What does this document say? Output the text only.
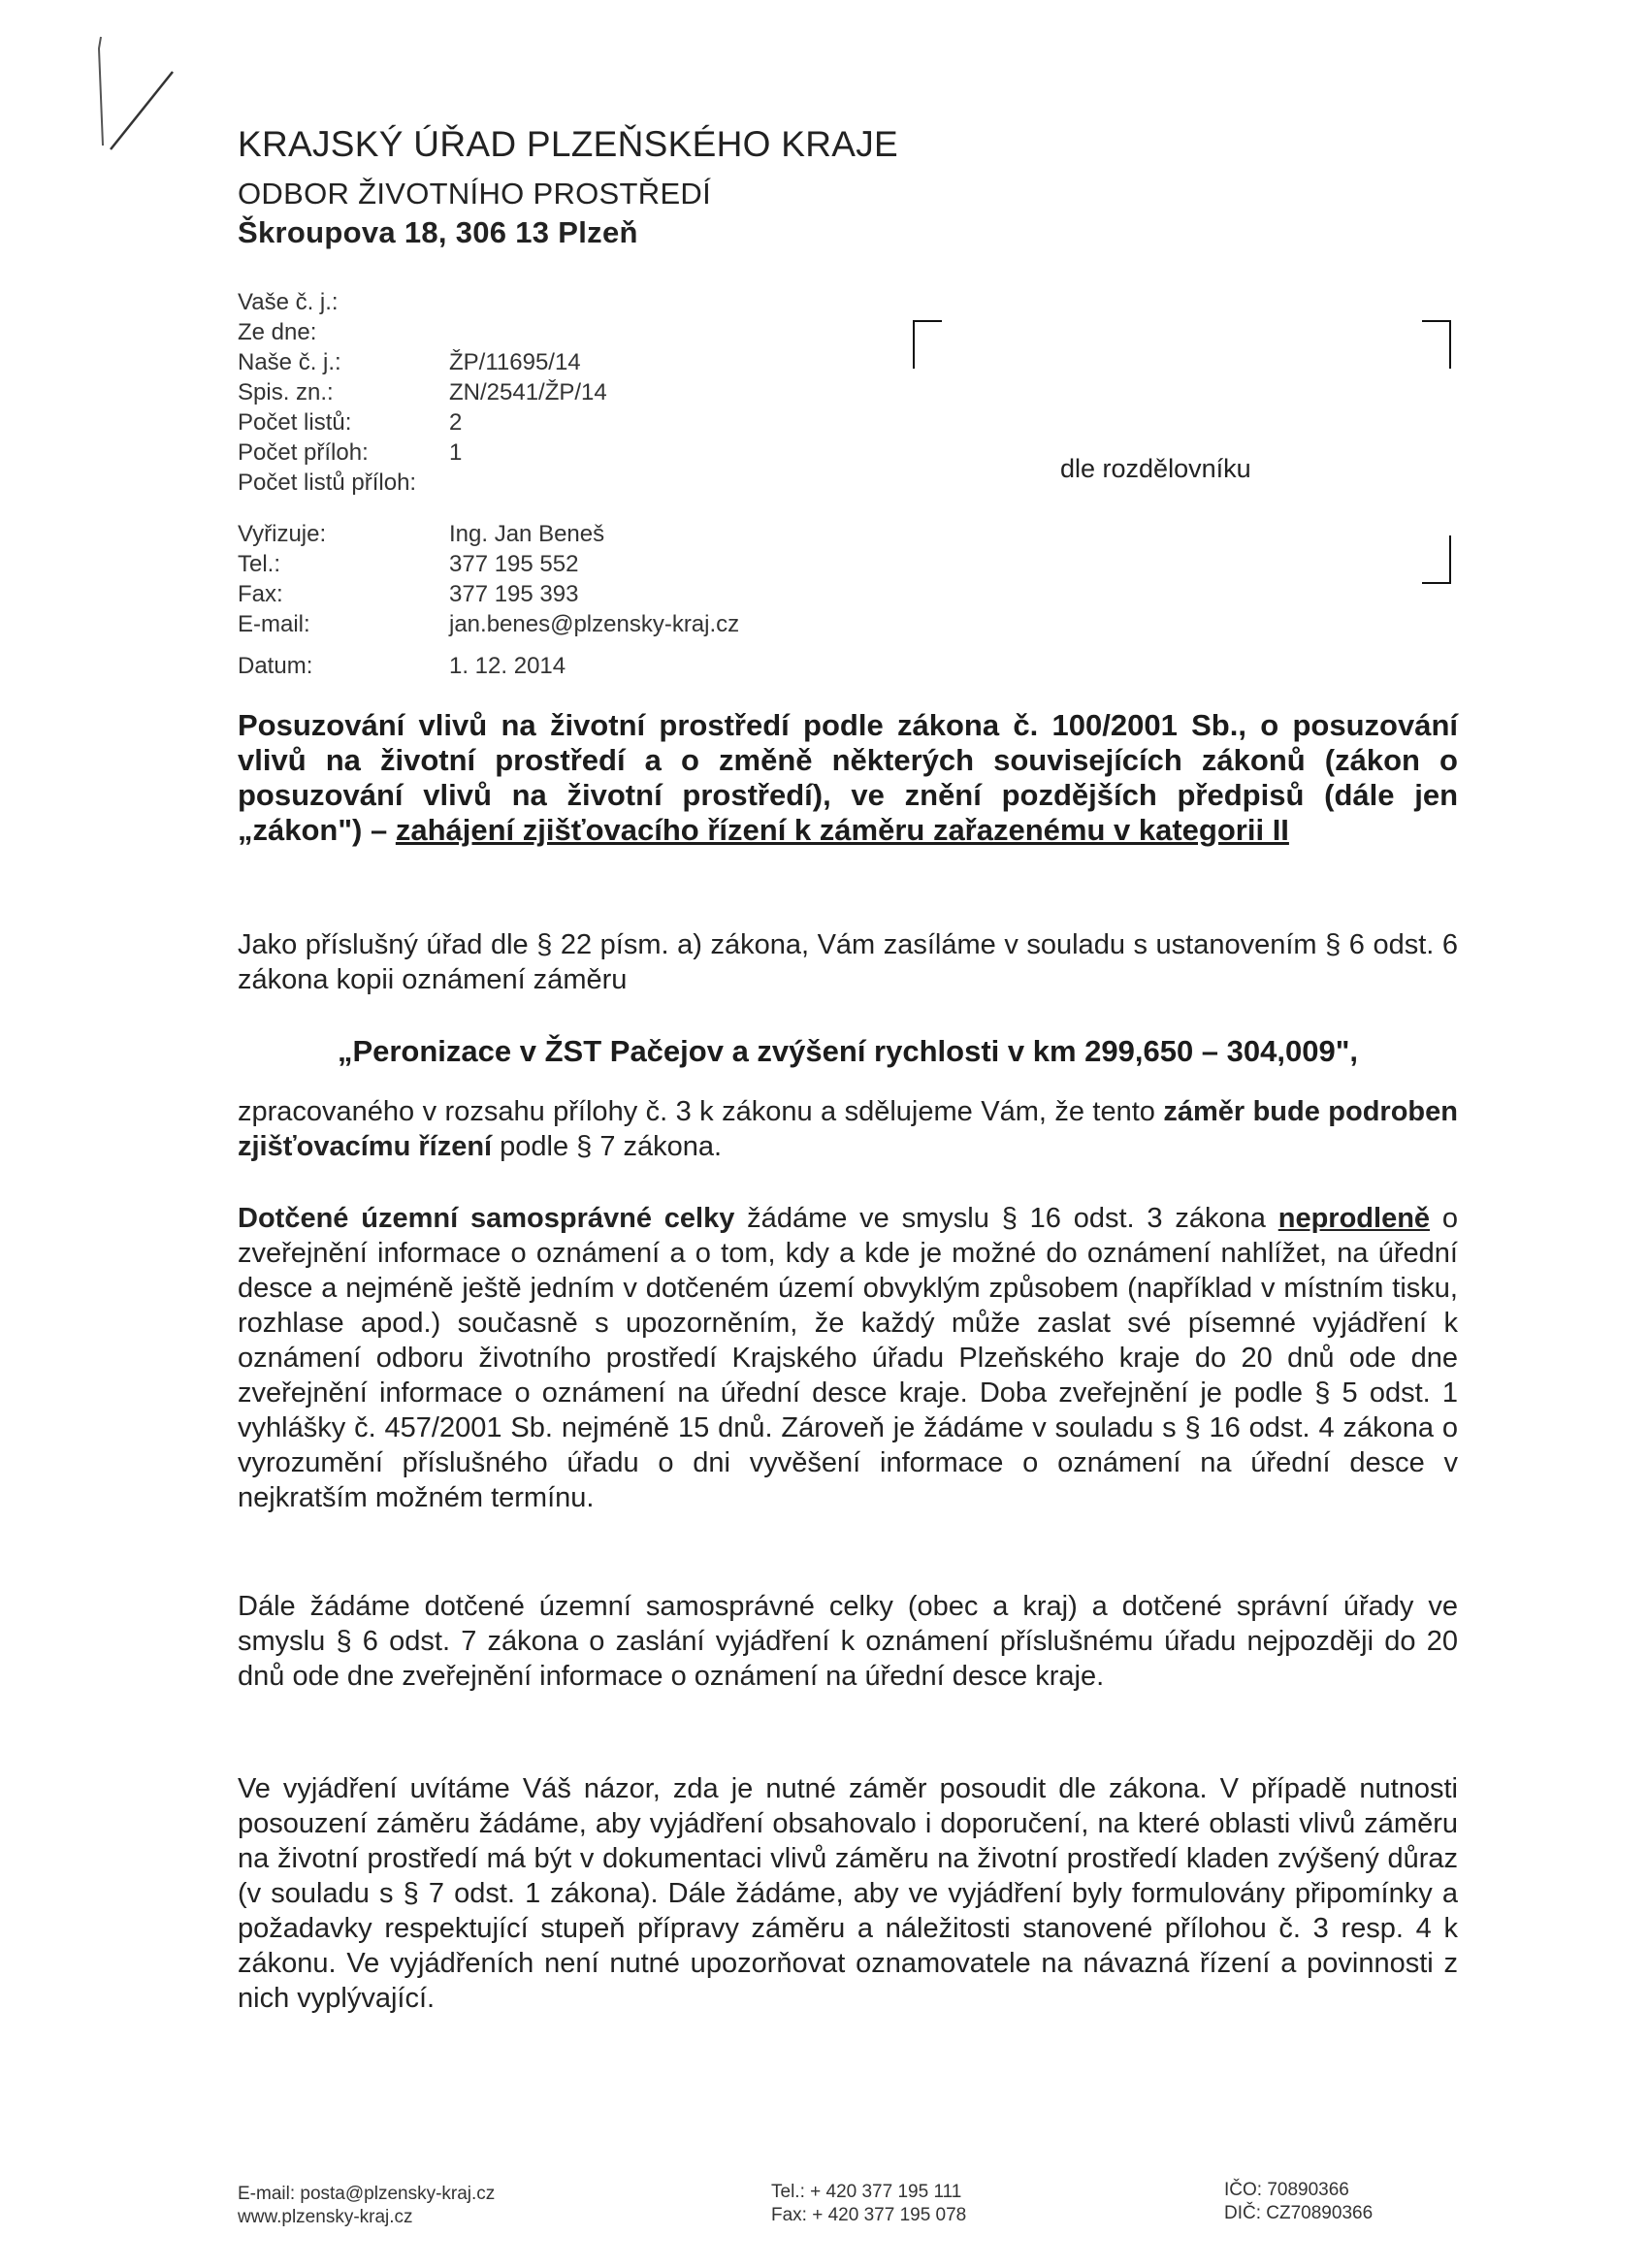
KRAJSKÝ ÚŘAD PLZEŇSKÉHO KRAJE
ODBOR ŽIVOTNÍHO PROSTŘEDÍ
Škroupova 18, 306 13 Plzeň
Vaše č. j.:
Ze dne:
Naše č. j.:
Spis. zn.:
Počet listů:
Počet příloh:
Počet listů příloh:
ŽP/11695/14
ZN/2541/ŽP/14
2
1
Vyřizuje:
Tel.:
Fax:
E-mail:
Datum:
Ing. Jan Beneš
377 195 552
377 195 393
jan.benes@plzensky-kraj.cz
1. 12. 2014
dle rozdělovníku
Posuzování vlivů na životní prostředí podle zákona č. 100/2001 Sb., o posuzování vlivů na životní prostředí a o změně některých souvisejících zákonů (zákon o posuzování vlivů na životní prostředí), ve znění pozdějších předpisů (dále jen „zákon") – zahájení zjišťovacího řízení k záměru zařazenému v kategorii II
Jako příslušný úřad dle § 22 písm. a) zákona, Vám zasíláme v souladu s ustanovením § 6 odst. 6 zákona kopii oznámení záměru
„Peronizace v ŽST Pačejov a zvýšení rychlosti v km 299,650 – 304,009",
zpracovaného v rozsahu přílohy č. 3 k zákonu a sdělujeme Vám, že tento záměr bude podroben zjišťovacímu řízení podle § 7 zákona.
Dotčené územní samosprávné celky žádáme ve smyslu § 16 odst. 3 zákona neprodleně o zveřejnění informace o oznámení a o tom, kdy a kde je možné do oznámení nahlížet, na úřední desce a nejméně ještě jedním v dotčeném území obvyklým způsobem (například v místním tisku, rozhlase apod.) současně s upozorněním, že každý může zaslat své písemné vyjádření k oznámení odboru životního prostředí Krajského úřadu Plzeňského kraje do 20 dnů ode dne zveřejnění informace o oznámení na úřední desce kraje. Doba zveřejnění je podle § 5 odst. 1 vyhlášky č. 457/2001 Sb. nejméně 15 dnů. Zároveň je žádáme v souladu s § 16 odst. 4 zákona o vyrozumění příslušného úřadu o dni vyvěšení informace o oznámení na úřední desce v nejkratším možném termínu.
Dále žádáme dotčené územní samosprávné celky (obec a kraj) a dotčené správní úřady ve smyslu § 6 odst. 7 zákona o zaslání vyjádření k oznámení příslušnému úřadu nejpozději do 20 dnů ode dne zveřejnění informace o oznámení na úřední desce kraje.
Ve vyjádření uvítáme Váš názor, zda je nutné záměr posoudit dle zákona. V případě nutnosti posouzení záměru žádáme, aby vyjádření obsahovalo i doporučení, na které oblasti vlivů záměru na životní prostředí má být v dokumentaci vlivů záměru na životní prostředí kladen zvýšený důraz (v souladu s § 7 odst. 1 zákona). Dále žádáme, aby ve vyjádření byly formulovány připomínky a požadavky respektující stupeň přípravy záměru a náležitosti stanovené přílohou č. 3 resp. 4 k zákonu. Ve vyjádřeních není nutné upozorňovat oznamovatele na návazná řízení a povinnosti z nich vyplývající.
E-mail: posta@plzensky-kraj.cz
www.plzensky-kraj.cz
Tel.: + 420 377 195 111
Fax: + 420 377 195 078
IČO: 70890366
DIČ: CZ70890366
